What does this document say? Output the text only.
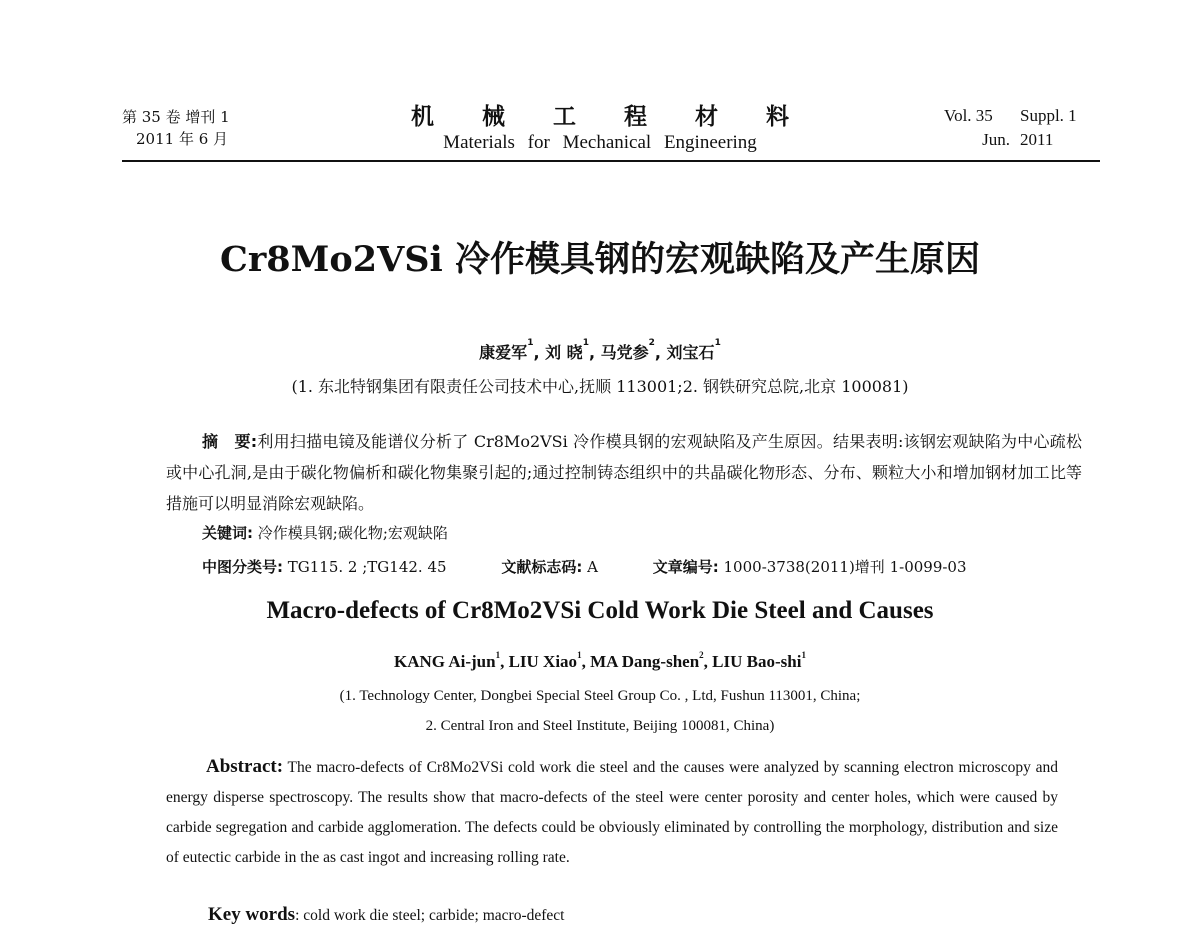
第 35 卷 增刊 1
2011 年 6 月
机 械 工 程 材 料
Materials for Mechanical Engineering
Vol. 35 Suppl. 1
Jun. 2011
Cr8Mo2VSi 冷作模具钢的宏观缺陷及产生原因
康爱军$^1$, 刘 晓$^1$, 马党参$^2$, 刘宝石$^1$
(1. 东北特钢集团有限责任公司技术中心,抚顺 113001;2. 钢铁研究总院,北京 100081)
摘　要:利用扫描电镜及能谱仪分析了 Cr8Mo2VSi 冷作模具钢的宏观缺陷及产生原因。结果表明:该钢宏观缺陷为中心疏松或中心孔洞,是由于碳化物偏析和碳化物集聚引起的;通过控制铸态组织中的共晶碳化物形态、分布、颗粒大小和增加钢材加工比等措施可以明显消除宏观缺陷。
关键词: 冷作模具钢;碳化物;宏观缺陷
中图分类号: TG115. 2 ;TG142. 45	文献标志码: A	文章编号: 1000-3738(2011)增刊 1-0099-03
Macro-defects of Cr8Mo2VSi Cold Work Die Steel and Causes
KANG Ai-jun$^1$, LIU Xiao$^1$, MA Dang-shen$^2$, LIU Bao-shi$^1$
(1. Technology Center, Dongbei Special Steel Group Co. , Ltd, Fushun 113001, China;
2. Central Iron and Steel Institute, Beijing 100081, China)
Abstract: The macro-defects of Cr8Mo2VSi cold work die steel and the causes were analyzed by scanning electron microscopy and energy disperse spectroscopy. The results show that macro-defects of the steel were center porosity and center holes, which were caused by carbide segregation and carbide agglomeration. The defects could be obviously eliminated by controlling the morphology, distribution and size of eutectic carbide in the as cast ingot and increasing rolling rate.
Key words: cold work die steel; carbide; macro-defect
